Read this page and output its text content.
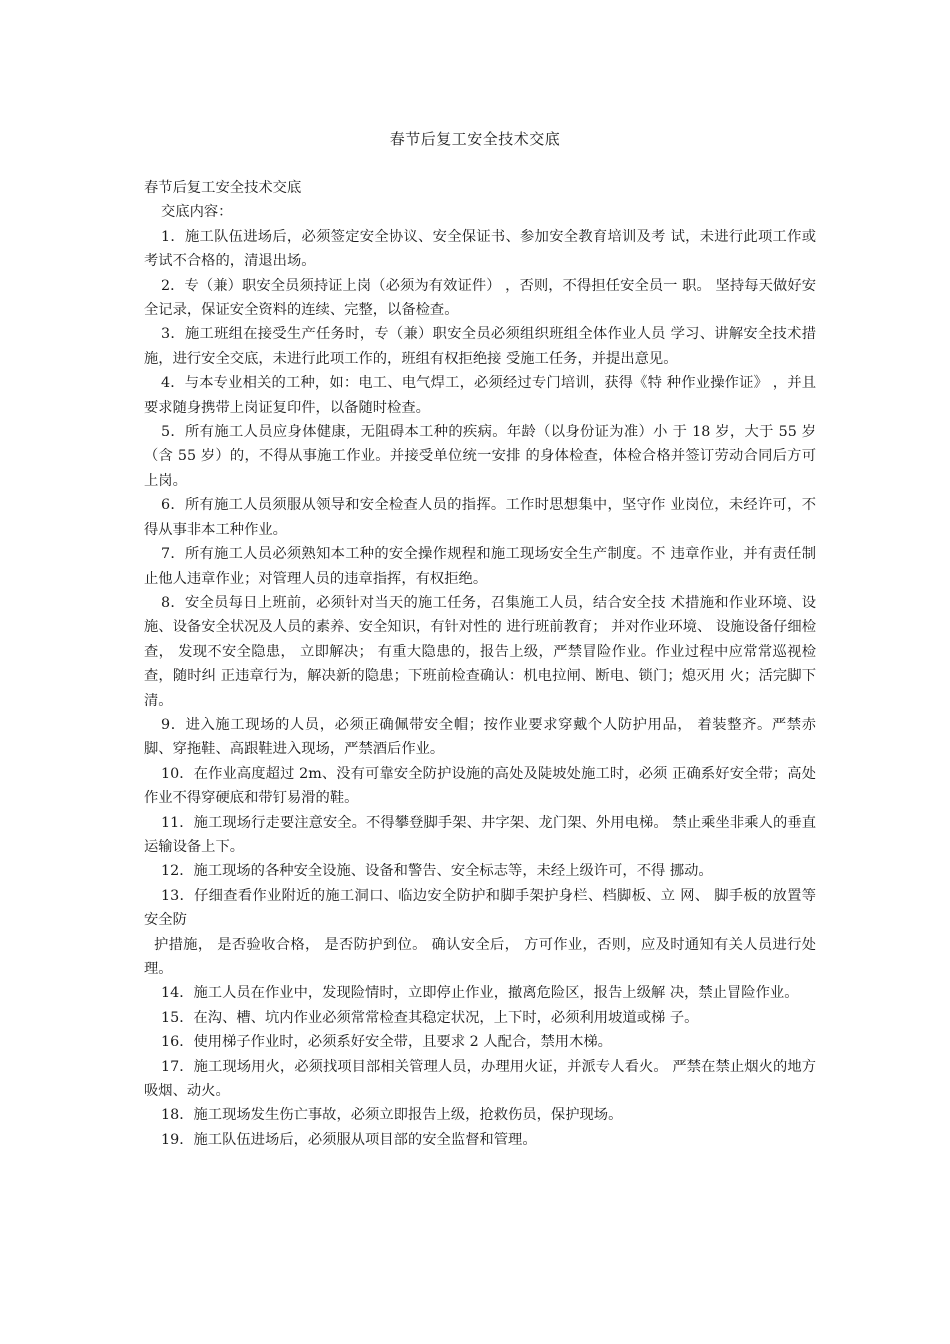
春节后复工安全技术交底

春节后复工安全技术交底

交底内容：

1．施工队伍进场后，必须签定安全协议、安全保证书、参加安全教育培训及考 试，未进行此项工作或考试不合格的，清退出场。

2．专（兼）职安全员须持证上岗（必须为有效证件） ，否则，不得担任安全员一 职。 坚持每天做好安全记录，保证安全资料的连续、完整，以备检查。

3．施工班组在接受生产任务时，专（兼）职安全员必须组织班组全体作业人员 学习、讲解安全技术措施，进行安全交底，未进行此项工作的，班组有权拒绝接 受施工任务，并提出意见。

4．与本专业相关的工种，如：电工、电气焊工，必须经过专门培训，获得《特 种作业操作证》 ，并且要求随身携带上岗证复印件，以备随时检查。

5．所有施工人员应身体健康，无阻碍本工种的疾病。年龄（以身份证为准）小 于 18 岁，大于 55 岁（含 55 岁）的，不得从事施工作业。并接受单位统一安排 的身体检查，体检合格并签订劳动合同后方可上岗。

6．所有施工人员须服从领导和安全检查人员的指挥。工作时思想集中，坚守作 业岗位，未经许可，不得从事非本工种作业。

7．所有施工人员必须熟知本工种的安全操作规程和施工现场安全生产制度。不 违章作业，并有责任制止他人违章作业；对管理人员的违章指挥，有权拒绝。

8．安全员每日上班前，必须针对当天的施工任务，召集施工人员，结合安全技 术措施和作业环境、设施、设备安全状况及人员的素养、安全知识，有针对性的 进行班前教育； 并对作业环境、 设施设备仔细检查， 发现不安全隐患， 立即解决； 有重大隐患的，报告上级，严禁冒险作业。作业过程中应常常巡视检查，随时纠 正违章行为，解决新的隐患；下班前检查确认：机电拉闸、断电、锁门；熄灭用 火；活完脚下清。

9．进入施工现场的人员，必须正确佩带安全帽；按作业要求穿戴个人防护用品， 着装整齐。严禁赤脚、穿拖鞋、高跟鞋进入现场，严禁酒后作业。

10．在作业高度超过 2m、没有可靠安全防护设施的高处及陡坡处施工时，必须 正确系好安全带；高处作业不得穿硬底和带钉易滑的鞋。

11．施工现场行走要注意安全。不得攀登脚手架、井字架、龙门架、外用电梯。 禁止乘坐非乘人的垂直运输设备上下。

12．施工现场的各种安全设施、设备和警告、安全标志等，未经上级许可，不得 挪动。

13．仔细查看作业附近的施工洞口、临边安全防护和脚手架护身栏、档脚板、立 网、 脚手板的放置等安全防

护措施， 是否验收合格， 是否防护到位。 确认安全后， 方可作业，否则，应及时通知有关人员进行处理。

14．施工人员在作业中，发现险情时，立即停止作业，撤离危险区，报告上级解 决，禁止冒险作业。

15．在沟、槽、坑内作业必须常常检查其稳定状况，上下时，必须利用坡道或梯 子。

16．使用梯子作业时，必须系好安全带，且要求 2 人配合，禁用木梯。

17．施工现场用火，必须找项目部相关管理人员，办理用火证，并派专人看火。 严禁在禁止烟火的地方吸烟、动火。

18．施工现场发生伤亡事故，必须立即报告上级，抢救伤员，保护现场。

19．施工队伍进场后，必须服从项目部的安全监督和管理。
